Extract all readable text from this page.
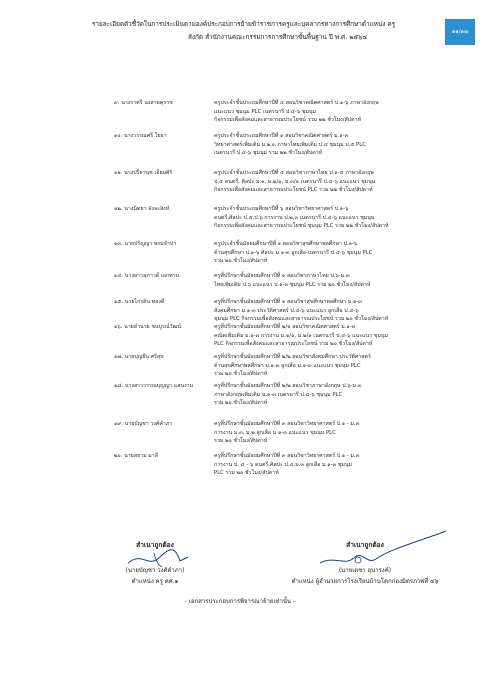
รายละเอียดตัวชี้วัดในการประเมินตามองค์ประกอบการย้ายข้าราชการครูและบุคลากรทางการศึกษาตำแหน่ง ครู
สังกัด สำนักงานคณะกรรมการการศึกษาขั้นพื้นฐาน ปี พ.ศ. ๒๕๖๔
๑๑/๑๗
๙. นางราตรี นงลายคุราช	ครูประจำชั้นประถมศึกษาปีที่ ๔ สอนวิชาคณิตศาสตร์ ป.๑-๖ ภาษาอังกฤษ
แนะแนว ชุมนุม PLC เนตรนารี ป.๔-๖ ชุมนุม
กิจกรรมเพื่อสังคมและสาธารณประโยชน์ รวม ๒๒ ชั่วโมง/สัปดาห์
๑๐. นางวรรณศรี โยธา	ครูประจำชั้นประถมศึกษาปีที่ ๑ สอนวิชาคณิตศาสตร์ ม.๑-๓
วิทยาศาสตร์เพิ่มเติม ม.๒,๓ ภาษาไทยเพิ่มเติม ป.๔ ชุมนุม ป.๕ PLC
เนตรนารี ป.๔-๖ ชุมนุม รวม ๒๒ ชั่วโมง/สัปดาห์
๑๑. นางปรียานุช เอี่ยมศิริ	ครูประจำชั้นประถมศึกษาปีที่ ๕ สอนวิชาภาษาไทย ป.๑-๕ ภาษาอังกฤษ
ป.๕ ดนตรี, ศิลปะ ม.๑, ม.๒/๑, ม.๓/๑ เนตรนารี ป.๔-๖ แนะแนว ชุมนุม
กิจกรรมเพื่อสังคมและสาธารณประโยชน์ PLC รวม ๒๒ ชั่วโมง/สัปดาห์
๑๒. นางนิตยา อังจะสิงห์	ครูประจำชั้นประถมศึกษาปีที่ ๖ สอนวิชาวิทยาศาสตร์ ป.๑-๖
ดนตรี,ศิลปะ ป.๕,ป.๖ การงาน ป.๒,๓ เนตรนารี ป.๔-๖ แนะแนว ชุมนุม
กิจกรรมเพื่อสังคมและสาธารณประโยชน์ ชุมนุม PLC รวม ๒๒ ชั่วโมง/สัปดาห์
๑๓. นายปริญญา พรมจำปา	ครูประจำชั้นมัธยมศึกษาปีที่ ๑ สอนวิชาสุขศึกษาพลศึกษา ป.๑-๖
ด้านสุขศึกษา ป.๑-๖ ศิลปะ ม.๑-๓ ลูกเสือ-เนตรนารี ป.๔-๖ ชุมนุม PLC
รวม ๒๐ ชั่วโมง/สัปดาห์
๑๔. นางสาวสุภาวดี เอกทาบ	ครูที่ปรึกษาชั้นมัธยมศึกษาปีที่ ๑ สอนวิชาภาษาไทย ป.๖-ม.๓
ไทยเพิ่มเติม ป.๖ แนะแนว ป.๑-๓ ชุมนุม PLC รวม ๒๐ ชั่วโมง/สัปดาห์
๑๕. นายไกรสิน ทองดี	ครูที่ปรึกษาชั้นมัธยมศึกษาปีที่ ๑ สอนวิชาสุขศึกษาพลศึกษา ม.๑-๓
สังคมศึกษา ม.๑-๓ ประวัติศาสตร์ ป.๔-๖ แนะแนว ลูกเสือ ป.๔-๖
ชุมนุม PLC กิจกรรมเพื่อสังคมและสาธารณประโยชน์ รวม ๒๐ ชั่วโมง/สัปดาห์
๑๖. นายอำนวย ชนบูรณ์วัฒน์	ครูที่ปรึกษาชั้นมัธยมศึกษาปีที่ ๒/๑ สอนวิชาคณิตศาสตร์ ม.๑-๓
คณิตเพิ่มเติม ม.๑-๓ การงาน ม.๑/๑, ม.๒/๑ เนตรนารี ป.๔-๖ แนะแนว ชุมนุม
PLC กิจกรรมเพื่อสังคมและสาธารณประโยชน์ รวม ๒๐ ชั่วโมง/สัปดาห์
๑๗. นายบุญยืน ศรีสุข	ครูที่ปรึกษาชั้นมัธยมศึกษาปีที่ ๒/๒ สอนวิชาสังคมศึกษา ประวัติศาสตร์
ด้านสุขศึกษาพลศึกษา ม.๑-๓ ลูกเสือ ม.๑-๓ แนะแนว ชุมนุม PLC
รวม ๒๐ ชั่วโมง/สัปดาห์
๑๘. นางสาววรรณบุญญา แสนงาม	ครูที่ปรึกษาชั้นมัธยมศึกษาปีที่ ๒/๒ สอนวิชาภาษาอังกฤษ ป.๖-ม.๓
ภาษาอังกฤษเพิ่มเติม ม.๑-๓ เนตรนารี ป.๔-๖ ชุมนุม PLC
รวม ๒๐ ชั่วโมง/สัปดาห์
๑๙. นายบัญชา วงศ์คำภา	ครูที่ปรึกษาชั้นมัธยมศึกษาปีที่ ๓ สอนวิชาวิทยาศาสตร์ ป.๑ - ม.๓
การงาน ม.๓, ม.๒ ลูกเสือ ม.๑-๓ แนะแนว ชุมนุม PLC
รวม ๒๐ ชั่วโมง/สัปดาห์
๒๐. นายสยาม มาลี	ครูที่ปรึกษาชั้นมัธยมศึกษาปีที่ ๓ สอนวิชาวิทยาศาสตร์ ป.๑ - ม.๓
การงาน ป. ๔ - ๖ ดนตรี,ศิลปะ ป.๔,ม.๓ ลูกเสือ ม.๑-๓ ชุมนุม
PLC รวม ๒๐ ชั่วโมง/สัปดาห์
สำเนาถูกต้อง
(นายบัญชา วงศ์คำภา)
ตำแหน่ง ครู คศ.๑
สำเนาถูกต้อง
(นายเดชา อุนารงค์)
ตำแหน่ง ผู้อำนวยการโรงเรียนบ้านโคกก่องมิตรภาพที่ ๔๖
- เอกสารประกอบการพิจารณาย้ายเท่านั้น -
